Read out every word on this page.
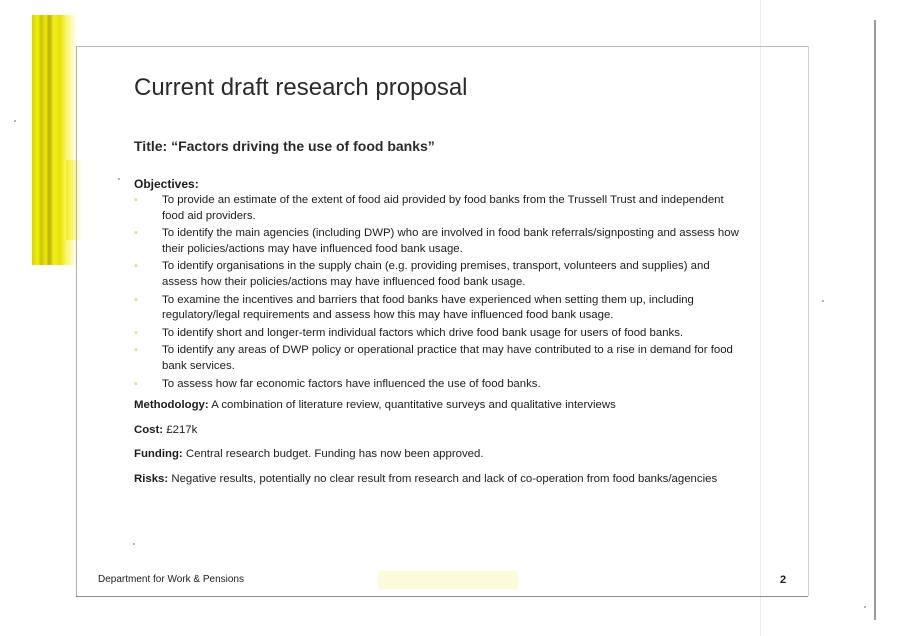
Current draft research proposal
Title: “Factors driving the use of food banks”
Objectives:
▪ To provide an estimate of the extent of food aid provided by food banks from the Trussell Trust and independent food aid providers.
▪ To identify the main agencies (including DWP) who are involved in food bank referrals/signposting and assess how their policies/actions may have influenced food bank usage.
▪ To identify organisations in the supply chain (e.g. providing premises, transport, volunteers and supplies) and assess how their policies/actions may have influenced food bank usage.
▪ To examine the incentives and barriers that food banks have experienced when setting them up, including regulatory/legal requirements and assess how this may have influenced food bank usage.
▪ To identify short and longer-term individual factors which drive food bank usage for users of food banks.
▪ To identify any areas of DWP policy or operational practice that may have contributed to a rise in demand for food bank services.
▪ To assess how far economic factors have influenced the use of food banks.
Methodology: A combination of literature review, quantitative surveys and qualitative interviews
Cost: £217k
Funding: Central research budget. Funding has now been approved.
Risks: Negative results, potentially no clear result from research and lack of co-operation from food banks/agencies
Department for Work & Pensions	2
